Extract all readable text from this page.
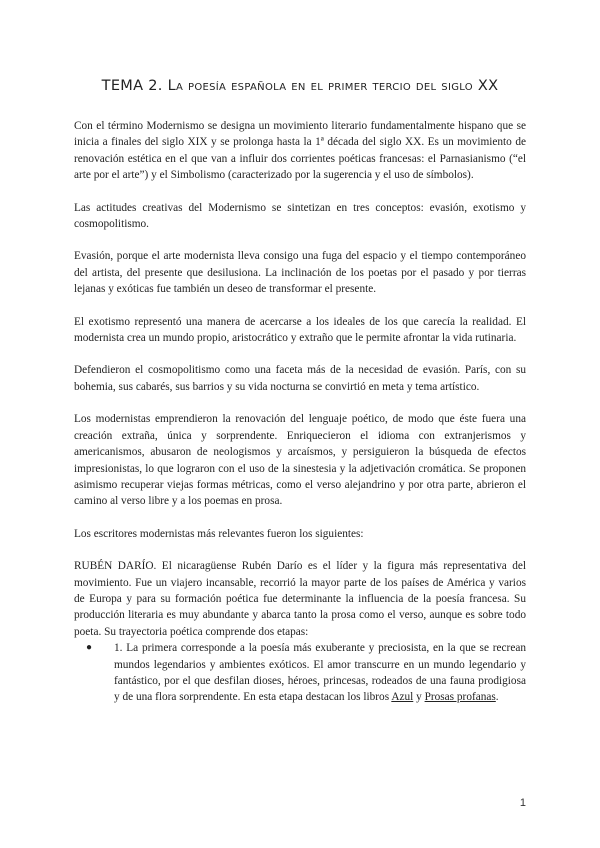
TEMA 2. La poesía española en el primer tercio del siglo XX

Con el término Modernismo se designa un movimiento literario fundamentalmente hispano que se inicia a finales del siglo XIX y se prolonga hasta la 1ª década del siglo XX. Es un movimiento de renovación estética en el que van a influir dos corrientes poéticas francesas: el Parnasianismo (“el arte por el arte”) y el Simbolismo (caracterizado por la sugerencia y el uso de símbolos).

Las actitudes creativas del Modernismo se sintetizan en tres conceptos: evasión, exotismo y cosmopolitismo.

Evasión, porque el arte modernista lleva consigo una fuga del espacio y el tiempo contemporáneo del artista, del presente que desilusiona. La inclinación de los poetas por el pasado y por tierras lejanas y exóticas fue también un deseo de transformar el presente.

El exotismo representó una manera de acercarse a los ideales de los que carecía la realidad. El modernista crea un mundo propio, aristocrático y extraño que le permite afrontar la vida rutinaria.

Defendieron el cosmopolitismo como una faceta más de la necesidad de evasión. París, con su bohemia, sus cabarés, sus barrios y su vida nocturna se convirtió en meta y tema artístico.

Los modernistas emprendieron la renovación del lenguaje poético, de modo que éste fuera una creación extraña, única y sorprendente. Enriquecieron el idioma con extranjerismos y americanismos, abusaron de neologismos y arcaísmos, y persiguieron la búsqueda de efectos impresionistas, lo que lograron con el uso de la sinestesia y la adjetivación cromática. Se proponen asimismo recuperar viejas formas métricas, como el verso alejandrino y por otra parte, abrieron el camino al verso libre y a los poemas en prosa.

Los escritores modernistas más relevantes fueron los siguientes:

RUBÉN DARÍO. El nicaragüense Rubén Darío es el líder y la figura más representativa del movimiento. Fue un viajero incansable, recorrió la mayor parte de los países de América y varios de Europa y para su formación poética fue determinante la influencia de la poesía francesa. Su producción literaria es muy abundante y abarca tanto la prosa como el verso, aunque es sobre todo poeta. Su trayectoria poética comprende dos etapas:

● 1. La primera corresponde a la poesía más exuberante y preciosista, en la que se recrean mundos legendarios y ambientes exóticos. El amor transcurre en un mundo legendario y fantástico, por el que desfilan dioses, héroes, princesas, rodeados de una fauna prodigiosa y de una flora sorprendente. En esta etapa destacan los libros Azul y Prosas profanas.
1
